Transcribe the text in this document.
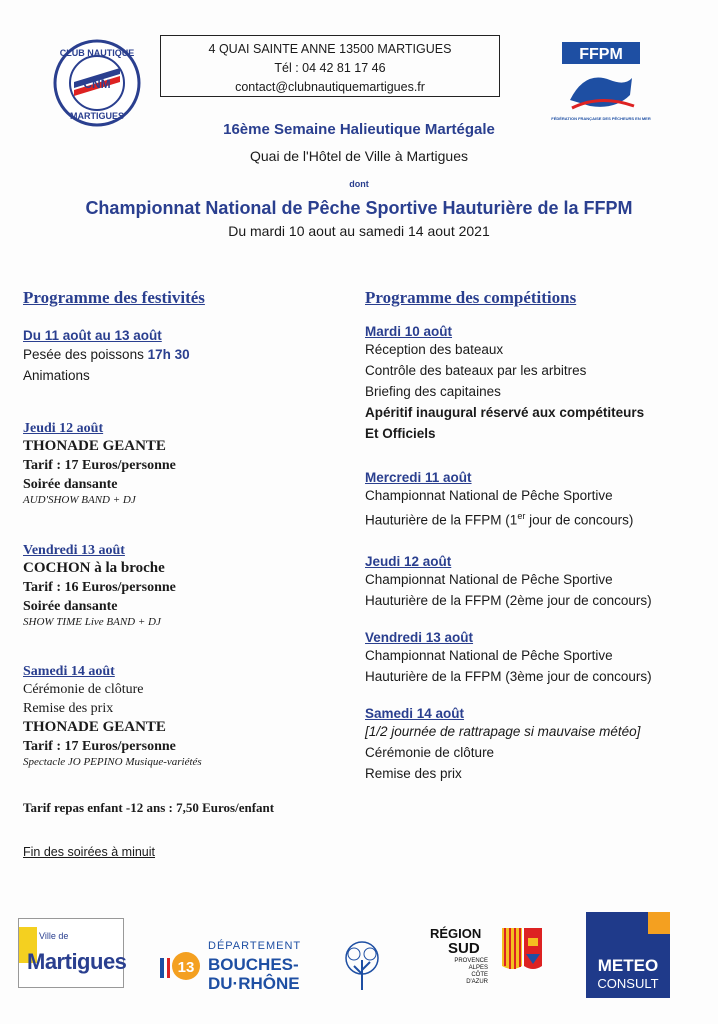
CNM
CLUB NAUTIQUE
MARTIGUES
4 QUAI SAINTE ANNE 13500 MARTIGUES
Tél : 04 42 81 17 46
contact@clubnautiquemartigues.fr
FFPM
FÉDÉRATION FRANÇAISE DES PÊCHEURS EN MER
16ème Semaine Halieutique Martégale
Quai de l'Hôtel de Ville à Martigues
dont
Championnat National de Pêche Sportive Hauturière de la FFPM
Du mardi 10 aout au samedi 14 aout 2021
Programme des festivités
Du 11 août au 13 août
Pesée des poissons 17h 30
Animations
Jeudi 12 août
THONADE GEANTE
Tarif : 17 Euros/personne
Soirée dansante
AUD'SHOW BAND + DJ
Vendredi 13 août
COCHON à la broche
Tarif : 16 Euros/personne
Soirée dansante
SHOW TIME Live BAND + DJ
Samedi 14 août
Cérémonie de clôture
Remise des prix
THONADE GEANTE
Tarif : 17 Euros/personne
Spectacle JO PEPINO Musique-variétés
Tarif repas enfant -12 ans : 7,50 Euros/enfant
Fin des soirées à minuit
Programme des compétitions
Mardi 10 août
Réception des bateaux
Contrôle des bateaux par les arbitres
Briefing des capitaines
Apéritif inaugural réservé aux compétiteurs
Et Officiels
Mercredi 11 août
Championnat National de Pêche Sportive
Hauturière de la FFPM (1er jour de concours)
Jeudi 12 août
Championnat National de Pêche Sportive
Hauturière de la FFPM (2ème jour de concours)
Vendredi 13 août
Championnat National de Pêche Sportive
Hauturière de la FFPM (3ème jour de concours)
Samedi 14 août
[1/2 journée de rattrapage si mauvaise météo]
Cérémonie de clôture
Remise des prix
Ville de
Martigues	13
DÉPARTEMENT
BOUCHES-
DU·RHÔNE
RÉGION
SUD
PROVENCE
ALPES
CÔTE D'AZUR
METEO
CONSULT
